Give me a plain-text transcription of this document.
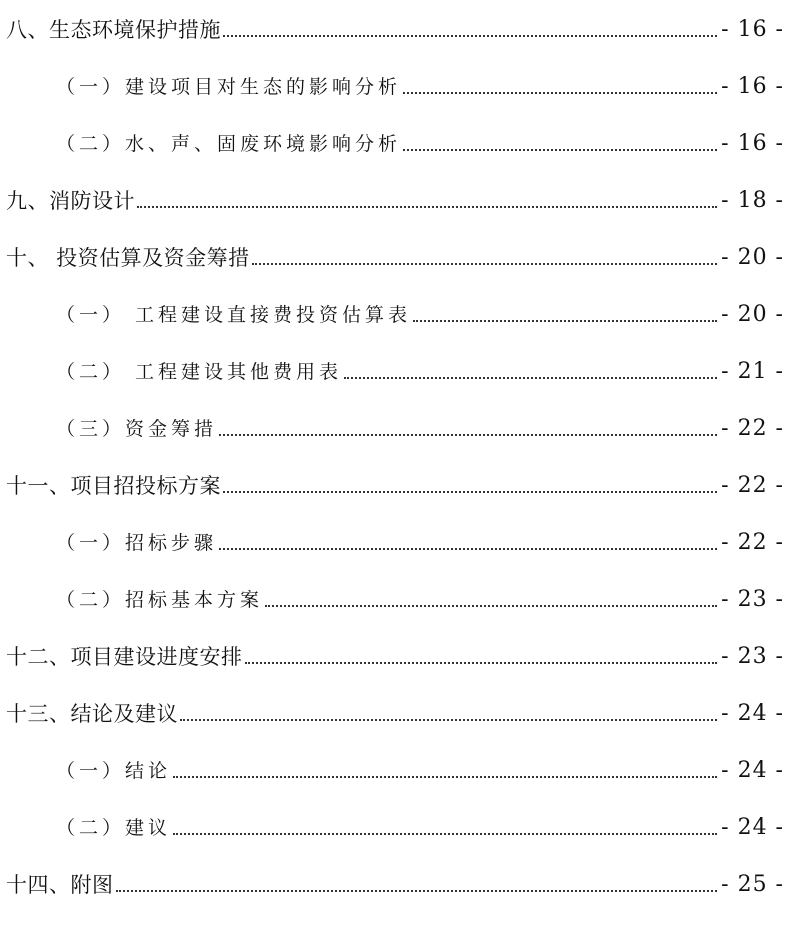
八、生态环境保护措施	- 16 -
（一）建设项目对生态的影响分析	- 16 -
（二）水、声、固废环境影响分析	- 16 -
九、消防设计	- 18 -
十、 投资估算及资金筹措	- 20 -
（一） 工程建设直接费投资估算表	- 20 -
（二） 工程建设其他费用表	- 21 -
（三）资金筹措	- 22 -
十一、项目招投标方案	- 22 -
（一）招标步骤	- 22 -
（二）招标基本方案	- 23 -
十二、项目建设进度安排	- 23 -
十三、结论及建议	- 24 -
（一）结论	- 24 -
（二）建议	- 24 -
十四、附图	- 25 -
